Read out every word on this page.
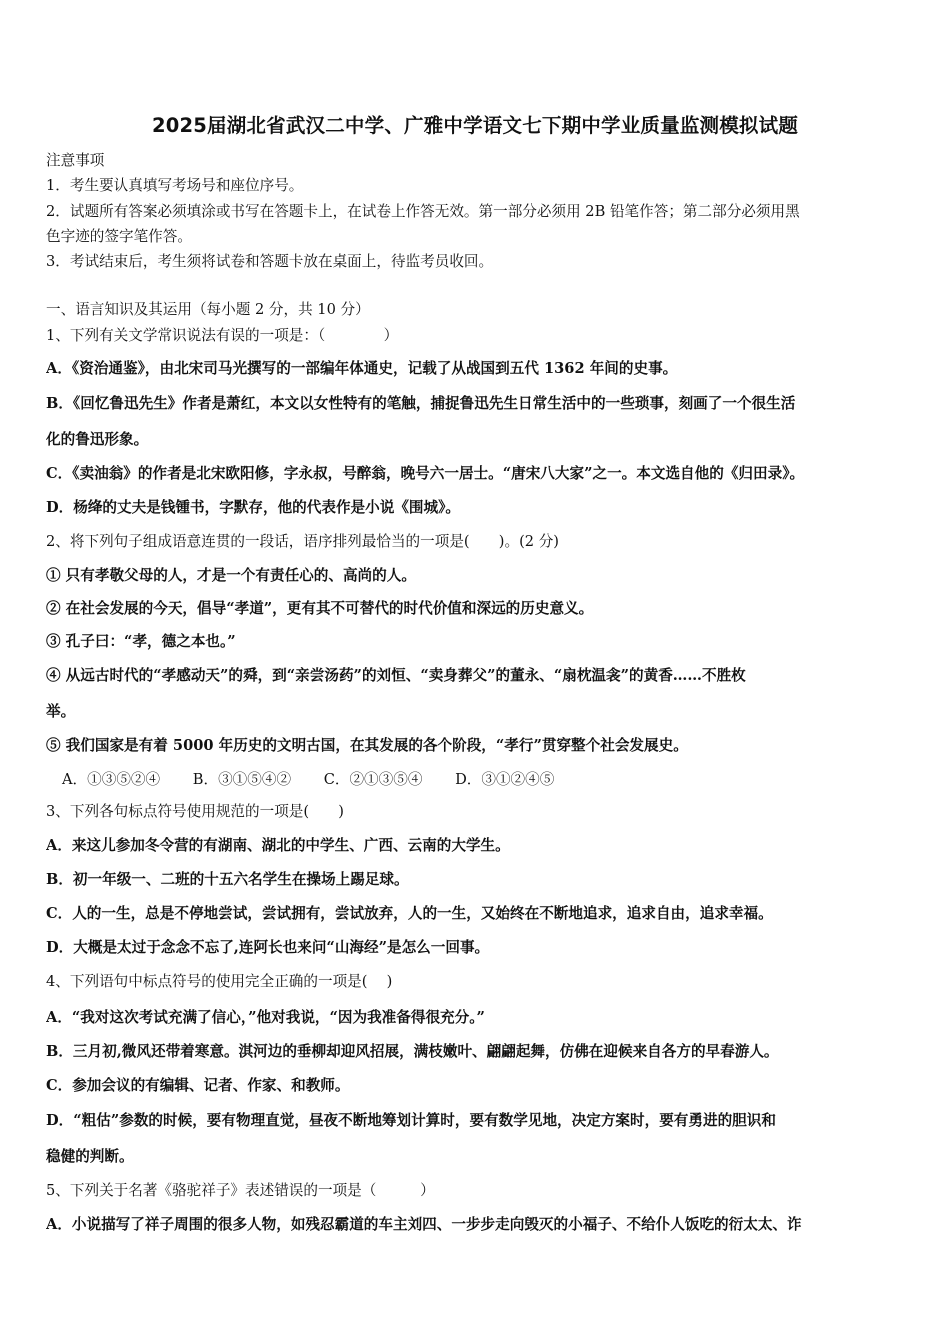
2025届湖北省武汉二中学、广雅中学语文七下期中学业质量监测模拟试题
注意事项
1．考生要认真填写考场号和座位序号。
2．试题所有答案必须填涂或书写在答题卡上，在试卷上作答无效。第一部分必须用 2B 铅笔作答；第二部分必须用黑
色字迹的签字笔作答。
3．考试结束后，考生须将试卷和答题卡放在桌面上，待监考员收回。
一、语言知识及其运用（每小题 2 分，共 10 分）
1、下列有关文学常识说法有误的一项是：（　　　　）
A．《资治通鉴》，由北宋司马光撰写的一部编年体通史，记载了从战国到五代 1362 年间的史事。
B．《回忆鲁迅先生》作者是萧红，本文以女性特有的笔触，捕捉鲁迅先生日常生活中的一些琐事，刻画了一个很生活
化的鲁迅形象。
C．《卖油翁》的作者是北宋欧阳修，字永叔，号醉翁，晚号六一居士。“唐宋八大家”之一。本文选自他的《归田录》。
D．杨绛的丈夫是钱锺书，字默存，他的代表作是小说《围城》。
2、将下列句子组成语意连贯的一段话，语序排列最恰当的一项是(　　)。(2 分)
① 只有孝敬父母的人，才是一个有责任心的、高尚的人。
② 在社会发展的今天，倡导“孝道”，更有其不可替代的时代价值和深远的历史意义。
③ 孔子曰：“孝，德之本也。”
④ 从远古时代的“孝感动天”的舜，到“亲尝汤药”的刘恒、“卖身葬父”的董永、“扇枕温衾”的黄香……不胜枚
举。
⑤ 我们国家是有着 5000 年历史的文明古国，在其发展的各个阶段，“孝行”贯穿整个社会发展史。
A．①③⑤②④ B．③①⑤④② C．②①③⑤④ D．③①②④⑤
3、下列各句标点符号使用规范的一项是(　　)
A．来这儿参加冬令营的有湖南、湖北的中学生、广西、云南的大学生。
B．初一年级一、二班的十五六名学生在操场上踢足球。
C．人的一生，总是不停地尝试，尝试拥有，尝试放弃，人的一生，又始终在不断地追求，追求自由，追求幸福。
D．大概是太过于念念不忘了,连阿长也来问“山海经”是怎么一回事。
4、下列语句中标点符号的使用完全正确的一项是(　 )
A．“我对这次考试充满了信心，”他对我说，“因为我准备得很充分。”
B．三月初,微风还带着寒意。淇河边的垂柳却迎风招展，满枝嫩叶、翩翩起舞，仿佛在迎候来自各方的早春游人。
C．参加会议的有编辑、记者、作家、和教师。
D．“粗估”参数的时候，要有物理直觉，昼夜不断地筹划计算时，要有数学见地，决定方案时，要有勇进的胆识和
稳健的判断。
5、下列关于名著《骆驼祥子》表述错误的一项是（　　　）
A．小说描写了祥子周围的很多人物，如残忍霸道的车主刘四、一步步走向毁灭的小福子、不给仆人饭吃的衍太太、诈
